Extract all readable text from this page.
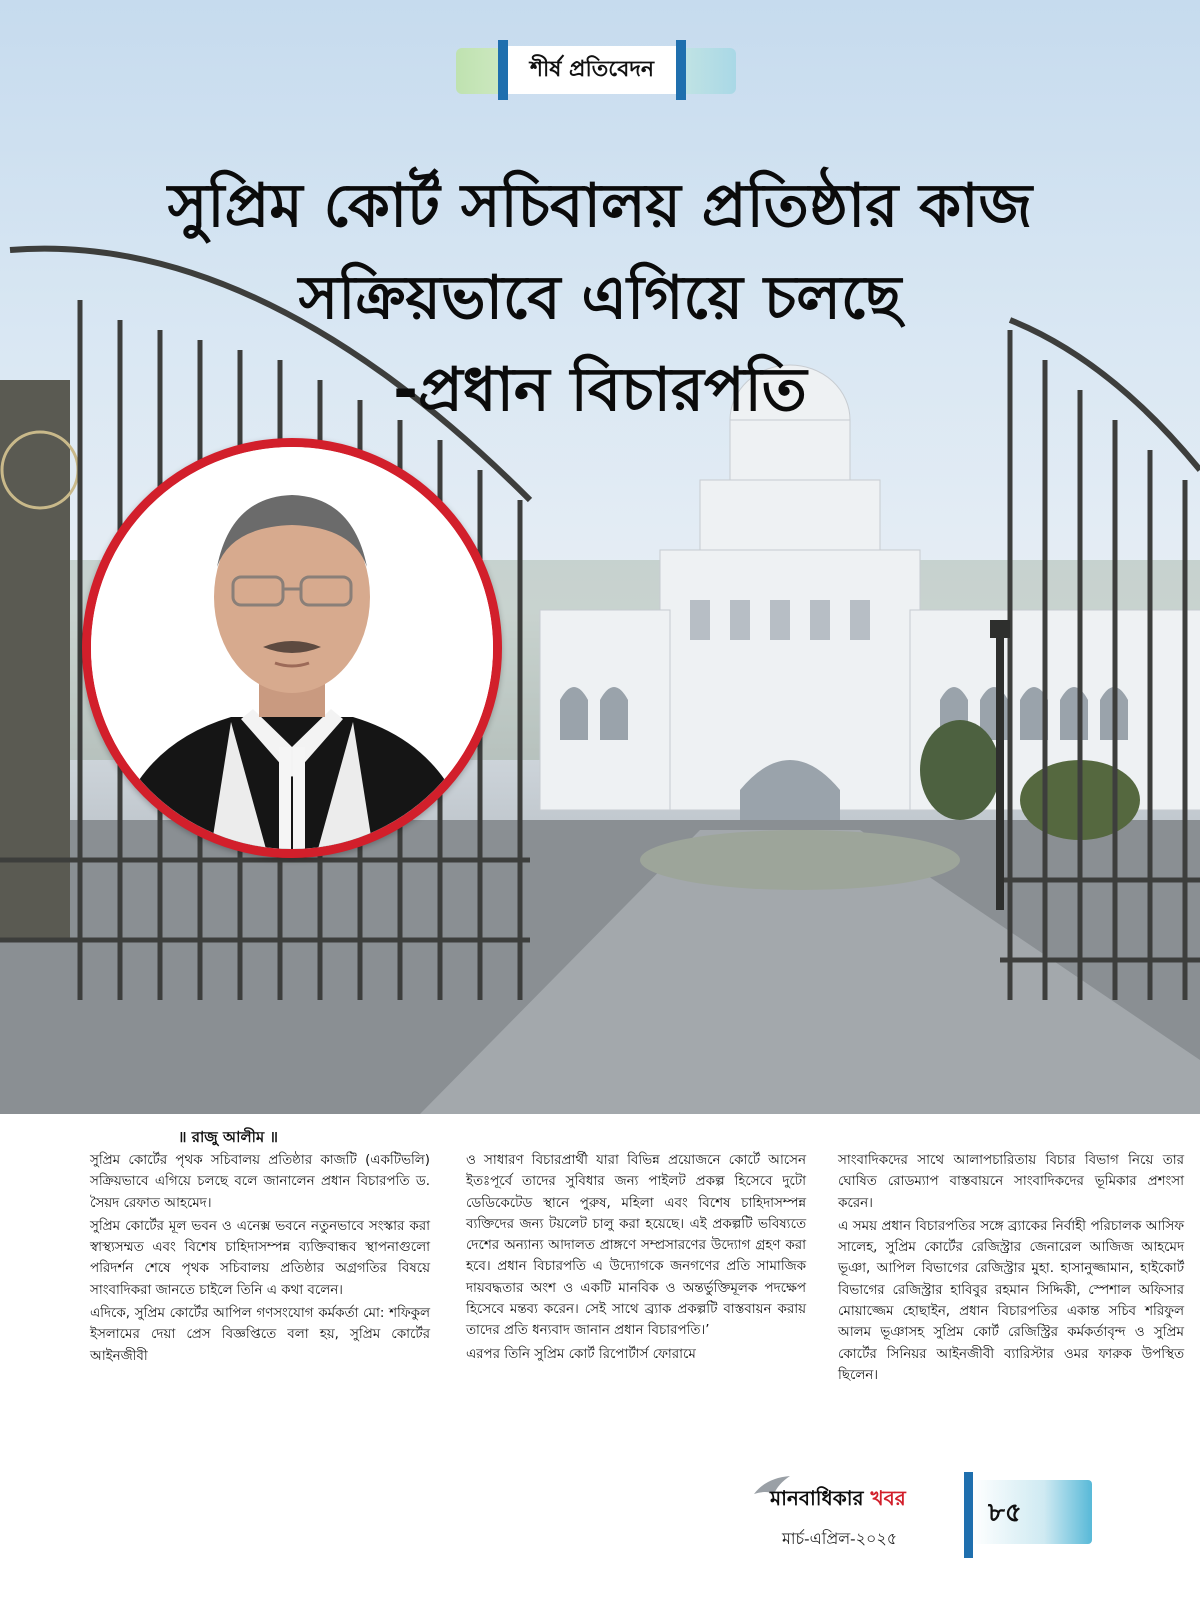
শীর্ষ প্রতিবেদন
সুপ্রিম কোর্ট সচিবালয় প্রতিষ্ঠার কাজ
সক্রিয়ভাবে এগিয়ে চলছে
-প্রধান বিচারপতি
॥ রাজু আলীম ॥

সুপ্রিম কোর্টের পৃথক সচিবালয় প্রতিষ্ঠার কাজটি (একটিভলি) সক্রিয়ভাবে এগিয়ে চলছে বলে জানালেন প্রধান বিচারপতি ড. সৈয়দ রেফাত আহমেদ।

সুপ্রিম কোর্টের মূল ভবন ও এনেক্স ভবনে নতুনভাবে সংস্কার করা স্বাস্থ্যসম্মত এবং বিশেষ চাহিদাসম্পন্ন ব্যক্তিবান্ধব স্থাপনাগুলো পরিদর্শন শেষে পৃথক সচিবালয় প্রতিষ্ঠার অগ্রগতির বিষয়ে সাংবাদিকরা জানতে চাইলে তিনি এ কথা বলেন।

এদিকে, সুপ্রিম কোর্টের আপিল গণসংযোগ কর্মকর্তা মো: শফিকুল ইসলামের দেয়া প্রেস বিজ্ঞপ্তিতে বলা হয়, সুপ্রিম কোর্টের আইনজীবী

ও সাধারণ বিচারপ্রার্থী যারা বিভিন্ন প্রয়োজনে কোর্টে আসেন ইতঃপূর্বে তাদের সুবিধার জন্য পাইলট প্রকল্প হিসেবে দুটো ডেডিকেটেড স্থানে পুরুষ, মহিলা এবং বিশেষ চাহিদাসম্পন্ন ব্যক্তিদের জন্য টয়লেট চালু করা হয়েছে। এই প্রকল্পটি ভবিষ্যতে দেশের অন্যান্য আদালত প্রাঙ্গণে সম্প্রসারণের উদ্যোগ গ্রহণ করা হবে। প্রধান বিচারপতি এ উদ্যোগকে জনগণের প্রতি সামাজিক দায়বদ্ধতার অংশ ও একটি মানবিক ও অন্তর্ভুক্তিমূলক পদক্ষেপ হিসেবে মন্তব্য করেন। সেই সাথে ব্র্যাক প্রকল্পটি বাস্তবায়ন করায় তাদের প্রতি ধন্যবাদ জানান প্রধান বিচারপতি।’

এরপর তিনি সুপ্রিম কোর্ট রিপোর্টার্স ফোরামে

সাংবাদিকদের সাথে আলাপচারিতায় বিচার বিভাগ নিয়ে তার ঘোষিত রোডম্যাপ বাস্তবায়নে সাংবাদিকদের ভূমিকার প্রশংসা করেন।

এ সময় প্রধান বিচারপতির সঙ্গে ব্র্যাকের নির্বাহী পরিচালক আসিফ সালেহ, সুপ্রিম কোর্টের রেজিস্ট্রার জেনারেল আজিজ আহমেদ ভূঞা, আপিল বিভাগের রেজিস্ট্রার মুহা. হাসানুজ্জামান, হাইকোর্ট বিভাগের রেজিস্ট্রার হাবিবুর রহমান সিদ্দিকী, স্পেশাল অফিসার মোয়াজ্জেম হোছাইন, প্রধান বিচারপতির একান্ত সচিব শরিফুল আলম ভূঞাসহ সুপ্রিম কোর্ট রেজিস্ট্রির কর্মকর্তাবৃন্দ ও সুপ্রিম কোর্টের সিনিয়র আইনজীবী ব্যারিস্টার ওমর ফারুক উপস্থিত ছিলেন।

মানবাধিকার খবর
মার্চ-এপ্রিল-২০২৫
৮৫
